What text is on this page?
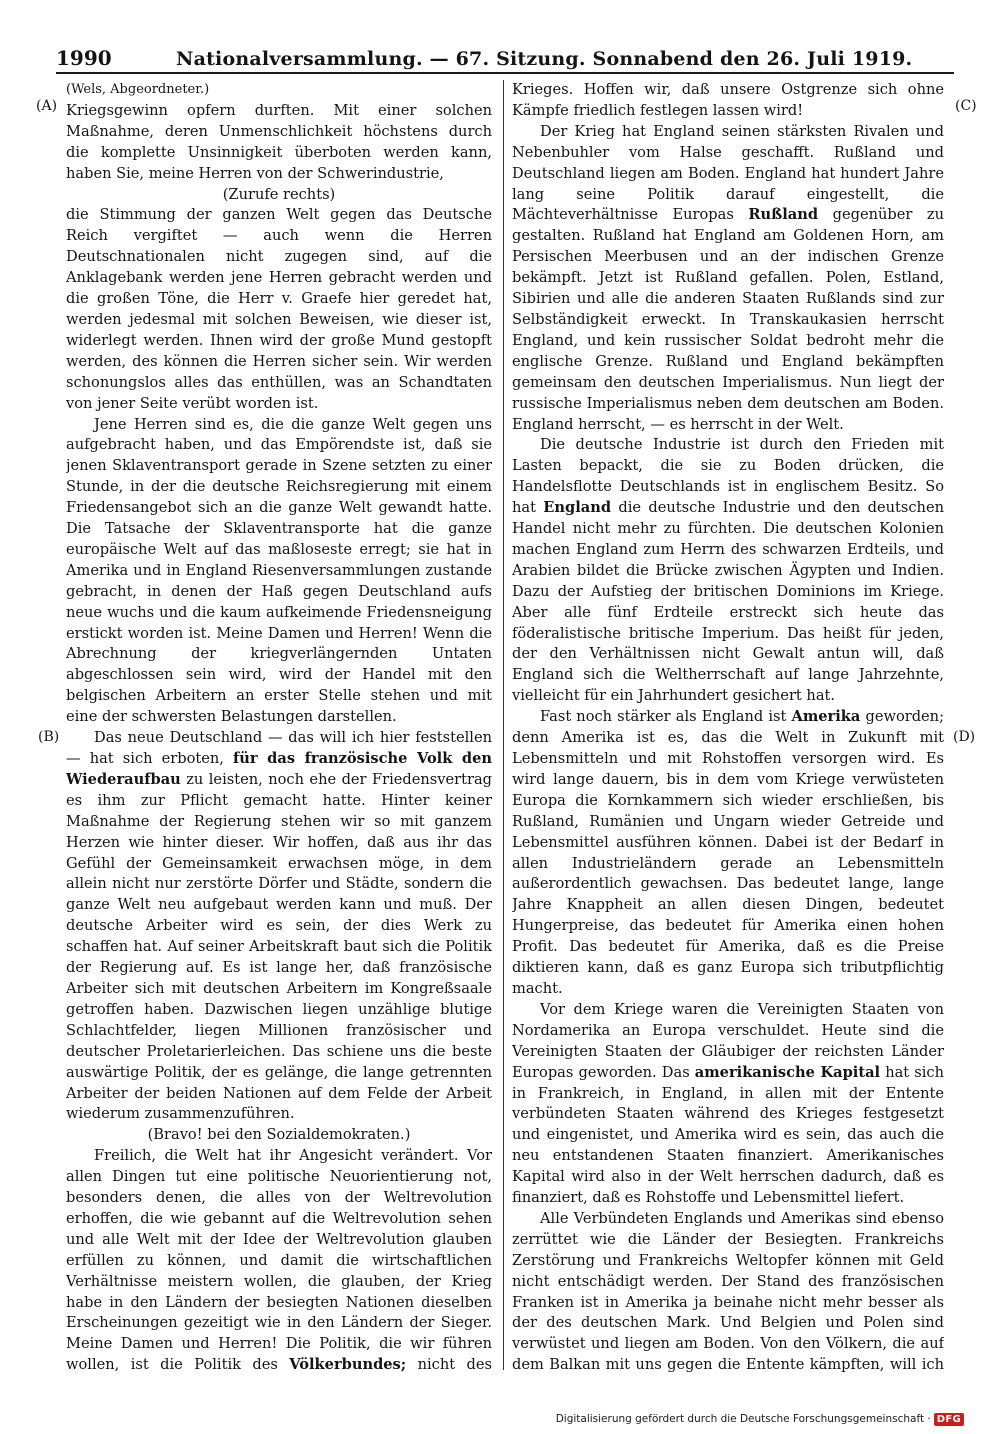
1990	Nationalversammlung. — 67. Sitzung. Sonnabend den 26. Juli 1919.
(A)
(B)
(C)
(D)

(Wels, Abgeordneter.)

Kriegsgewinn opfern durften. Mit einer solchen Maßnahme, deren Unmenschlichkeit höchstens durch die komplette Unsinnigkeit überboten werden kann, haben Sie, meine Herren von der Schwerindustrie,

(Zurufe rechts)

die Stimmung der ganzen Welt gegen das Deutsche Reich vergiftet — auch wenn die Herren Deutschnationalen nicht zugegen sind, auf die Anklagebank werden jene Herren gebracht werden und die großen Töne, die Herr v. Graefe hier geredet hat, werden jedesmal mit solchen Beweisen, wie dieser ist, widerlegt werden. Ihnen wird der große Mund gestopft werden, des können die Herren sicher sein. Wir werden schonungslos alles das enthüllen, was an Schandtaten von jener Seite verübt worden ist.

Jene Herren sind es, die die ganze Welt gegen uns aufgebracht haben, und das Empörendste ist, daß sie jenen Sklaventransport gerade in Szene setzten zu einer Stunde, in der die deutsche Reichsregierung mit einem Friedensangebot sich an die ganze Welt gewandt hatte. Die Tatsache der Sklaventransporte hat die ganze europäische Welt auf das maßloseste erregt; sie hat in Amerika und in England Riesenversammlungen zustande gebracht, in denen der Haß gegen Deutschland aufs neue wuchs und die kaum aufkeimende Friedensneigung erstickt worden ist. Meine Damen und Herren! Wenn die Abrechnung der kriegverlängernden Untaten abgeschlossen sein wird, wird der Handel mit den belgischen Arbeitern an erster Stelle stehen und mit eine der schwersten Belastungen darstellen.

Das neue Deutschland — das will ich hier feststellen — hat sich erboten, für das französische Volk den Wiederaufbau zu leisten, noch ehe der Friedensvertrag es ihm zur Pflicht gemacht hatte. Hinter keiner Maßnahme der Regierung stehen wir so mit ganzem Herzen wie hinter dieser. Wir hoffen, daß aus ihr das Gefühl der Gemeinsamkeit erwachsen möge, in dem allein nicht nur zerstörte Dörfer und Städte, sondern die ganze Welt neu aufgebaut werden kann und muß. Der deutsche Arbeiter wird es sein, der dies Werk zu schaffen hat. Auf seiner Arbeitskraft baut sich die Politik der Regierung auf. Es ist lange her, daß französische Arbeiter sich mit deutschen Arbeitern im Kongreßsaale getroffen haben. Dazwischen liegen unzählige blutige Schlachtfelder, liegen Millionen französischer und deutscher Proletarierleichen. Das schiene uns die beste auswärtige Politik, der es gelänge, die lange getrennten Arbeiter der beiden Nationen auf dem Felde der Arbeit wiederum zusammenzuführen.

(Bravo! bei den Sozialdemokraten.)

Freilich, die Welt hat ihr Angesicht verändert. Vor allen Dingen tut eine politische Neuorientierung not, besonders denen, die alles von der Weltrevolution erhoffen, die wie gebannt auf die Weltrevolution sehen und alle Welt mit der Idee der Weltrevolution glauben erfüllen zu können, und damit die wirtschaftlichen Verhältnisse meistern wollen, die glauben, der Krieg habe in den Ländern der besiegten Nationen dieselben Erscheinungen gezeitigt wie in den Ländern der Sieger. Meine Damen und Herren! Die Politik, die wir führen wollen, ist die Politik des Völkerbundes; nicht des

Krieges. Hoffen wir, daß unsere Ostgrenze sich ohne Kämpfe friedlich festlegen lassen wird!

Der Krieg hat England seinen stärksten Rivalen und Nebenbuhler vom Halse geschafft. Rußland und Deutschland liegen am Boden. England hat hundert Jahre lang seine Politik darauf eingestellt, die Mächteverhältnisse Europas Rußland gegenüber zu gestalten. Rußland hat England am Goldenen Horn, am Persischen Meerbusen und an der indischen Grenze bekämpft. Jetzt ist Rußland gefallen. Polen, Estland, Sibirien und alle die anderen Staaten Rußlands sind zur Selbständigkeit erweckt. In Transkaukasien herrscht England, und kein russischer Soldat bedroht mehr die englische Grenze. Rußland und England bekämpften gemeinsam den deutschen Imperialismus. Nun liegt der russische Imperialismus neben dem deutschen am Boden. England herrscht, — es herrscht in der Welt.

Die deutsche Industrie ist durch den Frieden mit Lasten bepackt, die sie zu Boden drücken, die Handelsflotte Deutschlands ist in englischem Besitz. So hat England die deutsche Industrie und den deutschen Handel nicht mehr zu fürchten. Die deutschen Kolonien machen England zum Herrn des schwarzen Erdteils, und Arabien bildet die Brücke zwischen Ägypten und Indien. Dazu der Aufstieg der britischen Dominions im Kriege. Aber alle fünf Erdteile erstreckt sich heute das föderalistische britische Imperium. Das heißt für jeden, der den Verhältnissen nicht Gewalt antun will, daß England sich die Weltherrschaft auf lange Jahrzehnte, vielleicht für ein Jahrhundert gesichert hat.

Fast noch stärker als England ist Amerika geworden; denn Amerika ist es, das die Welt in Zukunft mit Lebensmitteln und mit Rohstoffen versorgen wird. Es wird lange dauern, bis in dem vom Kriege verwüsteten Europa die Kornkammern sich wieder erschließen, bis Rußland, Rumänien und Ungarn wieder Getreide und Lebensmittel ausführen können. Dabei ist der Bedarf in allen Industrieländern gerade an Lebensmitteln außerordentlich gewachsen. Das bedeutet lange, lange Jahre Knappheit an allen diesen Dingen, bedeutet Hungerpreise, das bedeutet für Amerika einen hohen Profit. Das bedeutet für Amerika, daß es die Preise diktieren kann, daß es ganz Europa sich tributpflichtig macht.

Vor dem Kriege waren die Vereinigten Staaten von Nordamerika an Europa verschuldet. Heute sind die Vereinigten Staaten der Gläubiger der reichsten Länder Europas geworden. Das amerikanische Kapital hat sich in Frankreich, in England, in allen mit der Entente verbündeten Staaten während des Krieges festgesetzt und eingenistet, und Amerika wird es sein, das auch die neu entstandenen Staaten finanziert. Amerikanisches Kapital wird also in der Welt herrschen dadurch, daß es finanziert, daß es Rohstoffe und Lebensmittel liefert.

Alle Verbündeten Englands und Amerikas sind ebenso zerrüttet wie die Länder der Besiegten. Frankreichs Zerstörung und Frankreichs Weltopfer können mit Geld nicht entschädigt werden. Der Stand des französischen Franken ist in Amerika ja beinahe nicht mehr besser als der des deutschen Mark. Und Belgien und Polen sind verwüstet und liegen am Boden. Von den Völkern, die auf dem Balkan mit uns gegen die Entente kämpften, will ich

Digitalisierung gefördert durch die Deutsche Forschungsgemeinschaft · DFG
